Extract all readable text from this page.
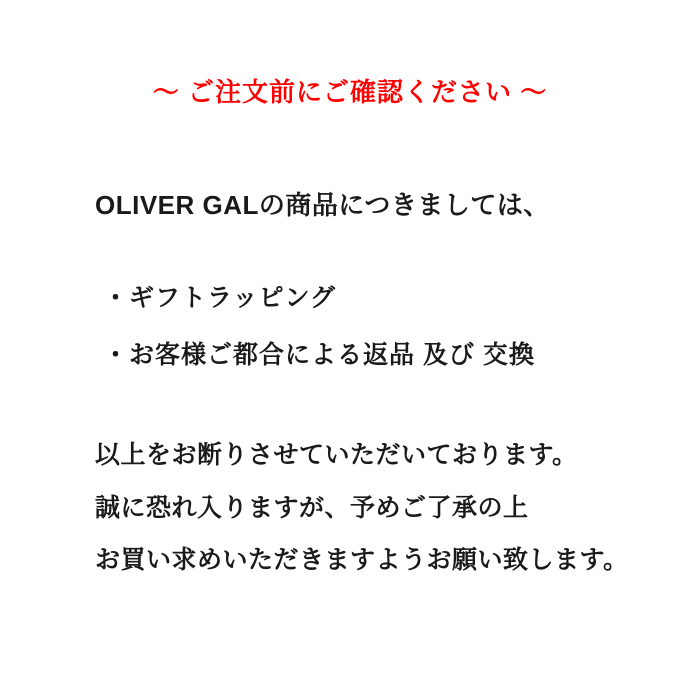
〜 ご注文前にご確認ください 〜

OLIVER GALの商品につきましては、

・ギフトラッピング
・お客様ご都合による返品 及び 交換

以上をお断りさせていただいております。
誠に恐れ入りますが、予めご了承の上
お買い求めいただきますようお願い致します。
